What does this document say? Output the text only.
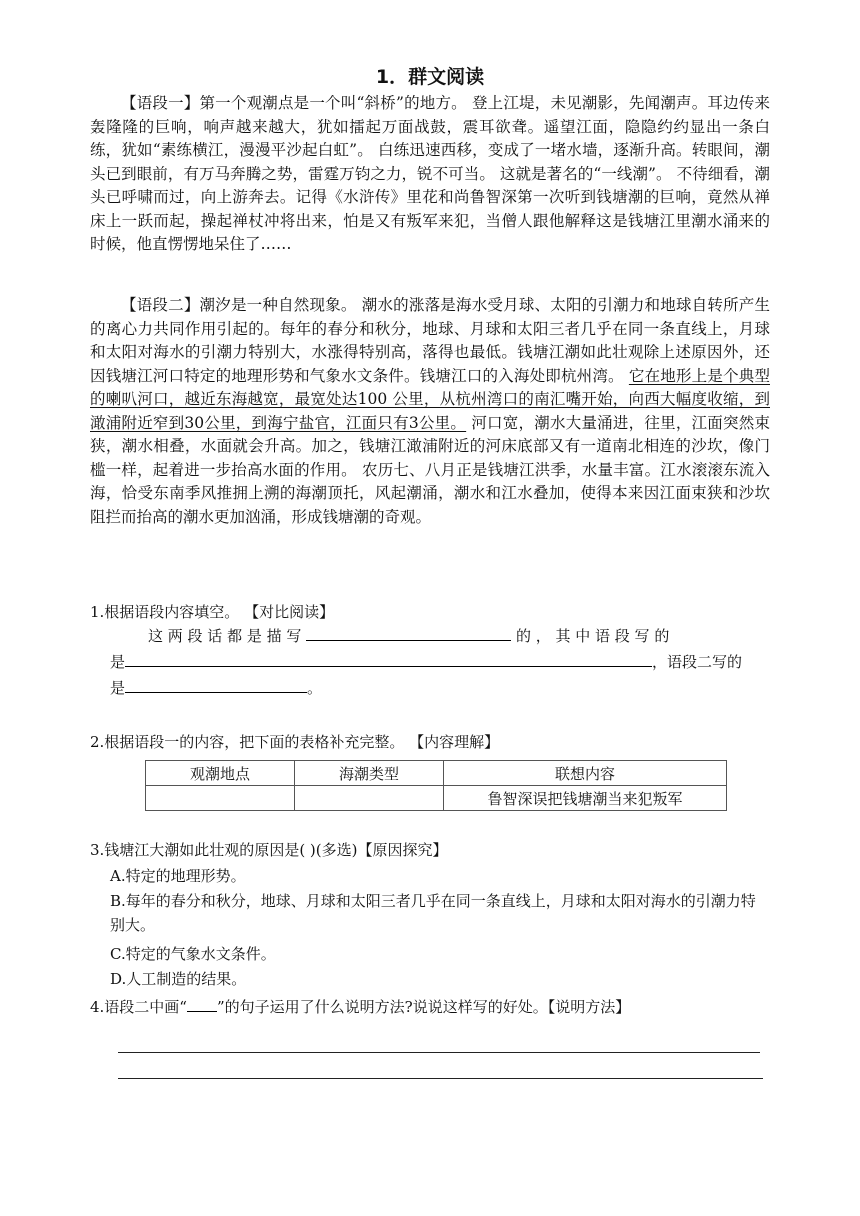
1．群文阅读

【语段一】第一个观潮点是一个叫“斜桥”的地方。 登上江堤，未见潮影，先闻潮声。耳边传来轰隆隆的巨响，响声越来越大，犹如擂起万面战鼓，震耳欲聋。遥望江面，隐隐约约显出一条白练，犹如“素练横江，漫漫平沙起白虹”。 白练迅速西移，变成了一堵水墙，逐渐升高。转眼间，潮头已到眼前，有万马奔腾之势，雷霆万钧之力，锐不可当。 这就是著名的“一线潮”。 不待细看，潮头已呼啸而过，向上游奔去。记得《水浒传》里花和尚鲁智深第一次听到钱塘潮的巨响，竟然从禅床上一跃而起，操起禅杖冲将出来，怕是又有叛军来犯，当僧人跟他解释这是钱塘江里潮水涌来的时候，他直愣愣地呆住了……

【语段二】潮汐是一种自然现象。 潮水的涨落是海水受月球、太阳的引潮力和地球自转所产生的离心力共同作用引起的。每年的春分和秋分，地球、月球和太阳三者几乎在同一条直线上，月球和太阳对海水的引潮力特别大，水涨得特别高，落得也最低。钱塘江潮如此壮观除上述原因外，还因钱塘江河口特定的地理形势和气象水文条件。钱塘江口的入海处即杭州湾。 它在地形上是个典型的喇叭河口，越近东海越宽，最宽处达100 公里，从杭州湾口的南汇嘴开始，向西大幅度收缩，到澉浦附近窄到30公里，到海宁盐官，江面只有3公里。 河口宽，潮水大量涌进，往里，江面突然束狭，潮水相叠，水面就会升高。加之，钱塘江澉浦附近的河床底部又有一道南北相连的沙坎，像门槛一样，起着进一步抬高水面的作用。 农历七、八月正是钱塘江洪季，水量丰富。江水滚滚东流入海，恰受东南季风推拥上溯的海潮顶托，风起潮涌，潮水和江水叠加，使得本来因江面束狭和沙坎阻拦而抬高的潮水更加汹涌，形成钱塘潮的奇观。

1.根据语段内容填空。 【对比阅读】

这 两 段 话 都 是 描 写	的 ， 其 中 语 段 写 的
是	，语段二写的
是	。

2.根据语段一的内容，把下面的表格补充完整。 【内容理解】

观潮地点	海潮类型	联想内容
		鲁智深误把钱塘潮当来犯叛军

3.钱塘江大潮如此壮观的原因是( )(多选)【原因探究】

A.特定的地理形势。

B.每年的春分和秋分，地球、月球和太阳三者几乎在同一条直线上，月球和太阳对海水的引潮力特别大。

C.特定的气象水文条件。

D.人工制造的结果。

4.语段二中画“ ”的句子运用了什么说明方法?说说这样写的好处。【说明方法】
